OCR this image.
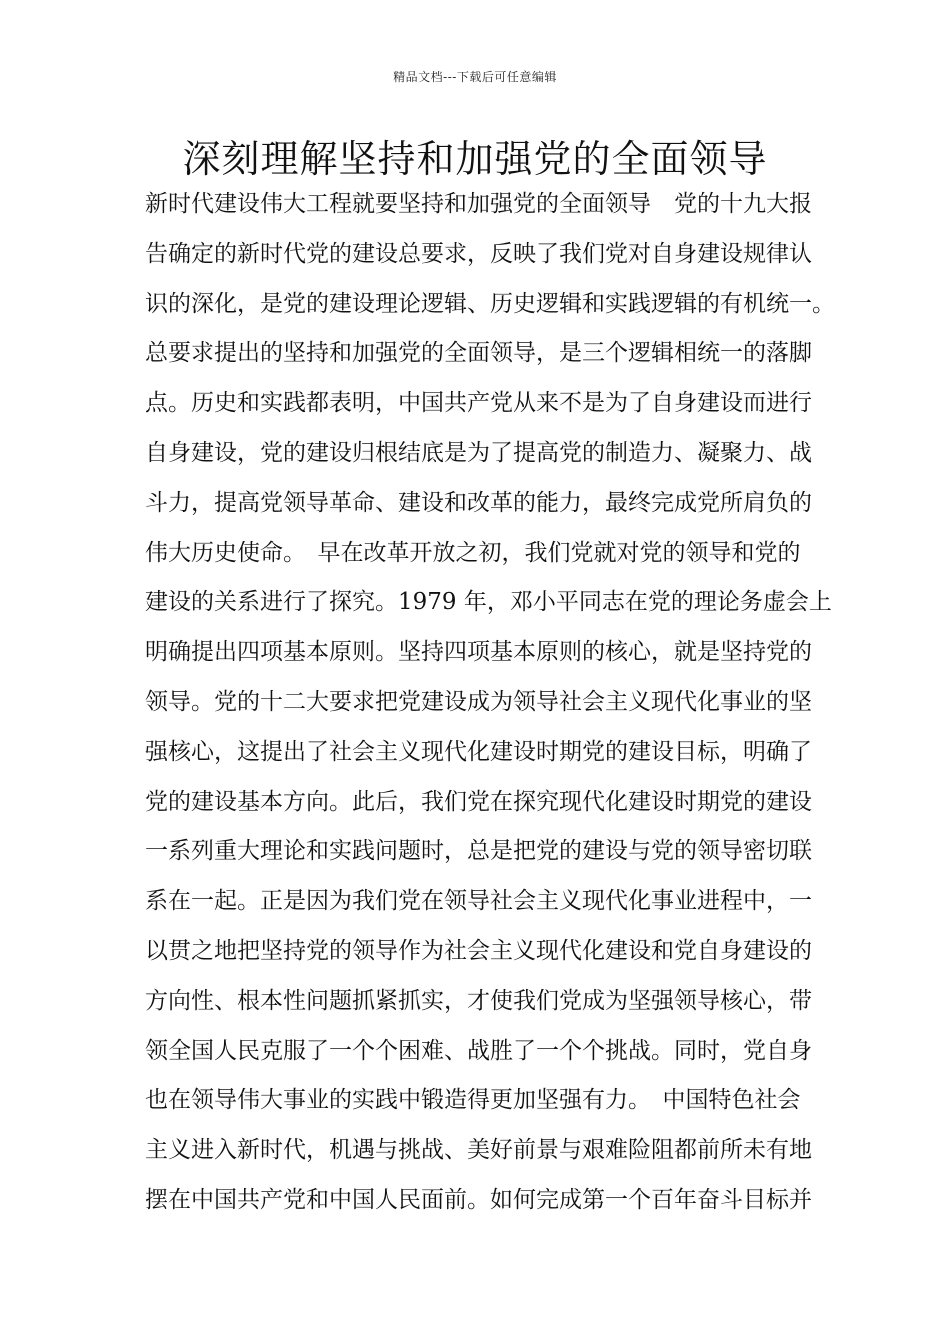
精品文档---下载后可任意编辑
深刻理解坚持和加强党的全面领导
新时代建设伟大工程就要坚持和加强党的全面领导　党的十九大报
告确定的新时代党的建设总要求，反映了我们党对自身建设规律认
识的深化，是党的建设理论逻辑、历史逻辑和实践逻辑的有机统一。
总要求提出的坚持和加强党的全面领导，是三个逻辑相统一的落脚
点。历史和实践都表明，中国共产党从来不是为了自身建设而进行
自身建设，党的建设归根结底是为了提高党的制造力、凝聚力、战
斗力，提高党领导革命、建设和改革的能力，最终完成党所肩负的
伟大历史使命。　早在改革开放之初，我们党就对党的领导和党的
建设的关系进行了探究。1979 年，邓小平同志在党的理论务虚会上
明确提出四项基本原则。坚持四项基本原则的核心，就是坚持党的
领导。党的十二大要求把党建设成为领导社会主义现代化事业的坚
强核心，这提出了社会主义现代化建设时期党的建设目标，明确了
党的建设基本方向。此后，我们党在探究现代化建设时期党的建设
一系列重大理论和实践问题时，总是把党的建设与党的领导密切联
系在一起。正是因为我们党在领导社会主义现代化事业进程中，一
以贯之地把坚持党的领导作为社会主义现代化建设和党自身建设的
方向性、根本性问题抓紧抓实，才使我们党成为坚强领导核心，带
领全国人民克服了一个个困难、战胜了一个个挑战。同时，党自身
也在领导伟大事业的实践中锻造得更加坚强有力。　中国特色社会
主义进入新时代，机遇与挑战、美好前景与艰难险阻都前所未有地
摆在中国共产党和中国人民面前。如何完成第一个百年奋斗目标并
